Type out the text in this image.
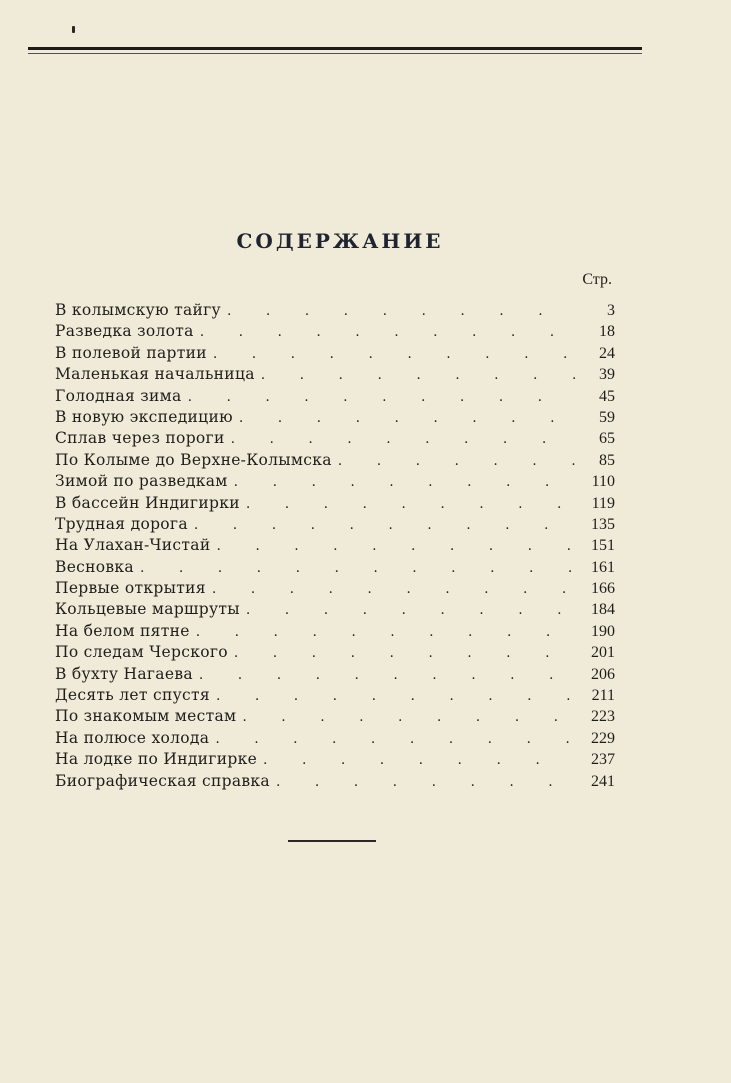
СОДЕРЖАНИЕ
Стр.
В колымскую тайгу . . .	3
Разведка золота . . .	18
В полевой партии . . .	24
Маленькая начальница . . .	39
Голодная зима . . .	45
В новую экспедицию . . .	59
Сплав через пороги . . .	65
По Колыме до Верхне-Колымска . . .	85
Зимой по разведкам . . .	110
В бассейн Индигирки . . .	119
Трудная дорога . . .	135
На Улахан-Чистай . . .	151
Весновка . . .	161
Первые открытия . . .	166
Кольцевые маршруты . . .	184
На белом пятне . . .	190
По следам Черского . . .	201
В бухту Нагаева . . .	206
Десять лет спустя . . .	211
По знакомым местам . . .	223
На полюсе холода . . .	229
На лодке по Индигирке . . .	237
Биографическая справка . . .	241
